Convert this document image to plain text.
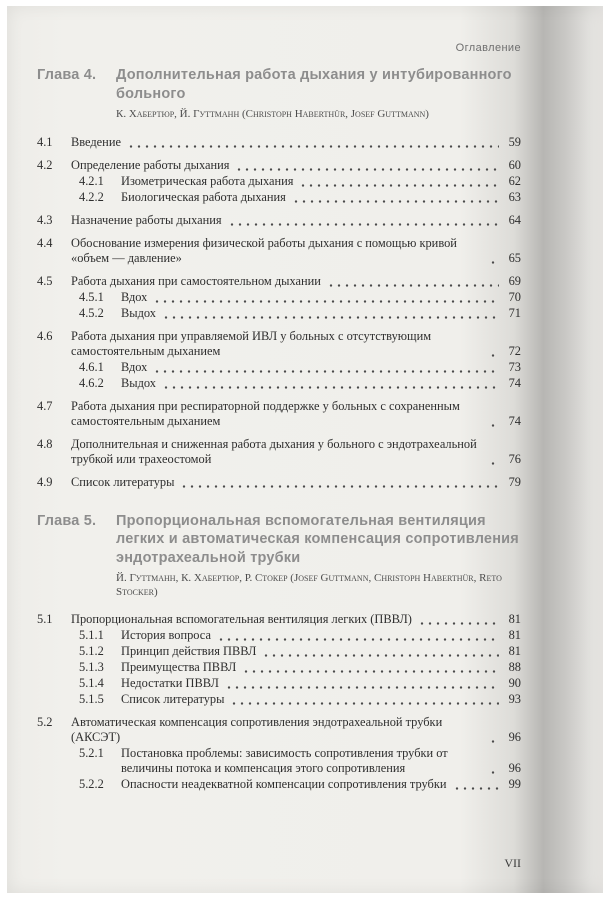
Оглавление
Глава 4.	Дополнительная работа дыхания у интубированного больного
К. Хабертюр, Й. Гуттманн (Christoph Haberthür, Josef Guttmann)
4.1	Введение	59
4.2	Определение работы дыхания	60
4.2.1	Изометрическая работа дыхания	62
4.2.2	Биологическая работа дыхания	63
4.3	Назначение работы дыхания	64
4.4	Обоснование измерения физической работы дыхания с помощью кривой «объем — давление»	65
4.5	Работа дыхания при самостоятельном дыхании	69
4.5.1	Вдох	70
4.5.2	Выдох	71
4.6	Работа дыхания при управляемой ИВЛ у больных с отсутствующим самостоятельным дыханием	72
4.6.1	Вдох	73
4.6.2	Выдох	74
4.7	Работа дыхания при респираторной поддержке у больных с сохраненным самостоятельным дыханием	74
4.8	Дополнительная и сниженная работа дыхания у больного с эндотрахеальной трубкой или трахеостомой	76
4.9	Список литературы	79
Глава 5.	Пропорциональная вспомогательная вентиляция легких и автоматическая компенсация сопротивления эндотрахеальной трубки
Й. Гуттманн, К. Хабертюр, Р. Стокер (Josef Guttmann, Christoph Haberthür, Reto Stocker)
5.1	Пропорциональная вспомогательная вентиляция легких (ПВВЛ)	81
5.1.1	История вопроса	81
5.1.2	Принцип действия ПВВЛ	81
5.1.3	Преимущества ПВВЛ	88
5.1.4	Недостатки ПВВЛ	90
5.1.5	Список литературы	93
5.2	Автоматическая компенсация сопротивления эндотрахеальной трубки (АКСЭТ)	96
5.2.1	Постановка проблемы: зависимость сопротивления трубки от величины потока и компенсация этого сопротивления	96
5.2.2	Опасности неадекватной компенсации сопротивления трубки	99
VII
